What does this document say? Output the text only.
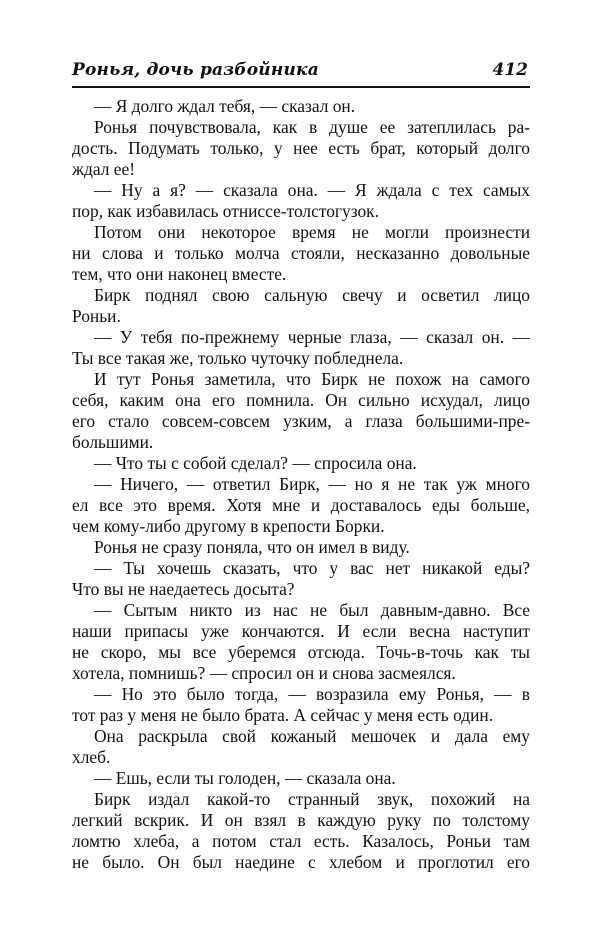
Ронья, дочь разбойника	412
— Я долго ждал тебя, — сказал он.
Ронья почувствовала, как в душе ее затеплилась ра-
дость. Подумать только, у нее есть брат, который долго
ждал ее!
— Ну а я? — сказала она. — Я ждала с тех самых
пор, как избавилась отниссе-толстогузок.
Потом они некоторое время не могли произнести
ни слова и только молча стояли, несказанно довольные
тем, что они наконец вместе.
Бирк поднял свою сальную свечу и осветил лицо
Роньи.
— У тебя по-прежнему черные глаза, — сказал он. —
Ты все такая же, только чуточку побледнела.
И тут Ронья заметила, что Бирк не похож на самого
себя, каким она его помнила. Он сильно исхудал, лицо
его стало совсем-совсем узким, а глаза большими-пре-
большими.
— Что ты с собой сделал? — спросила она.
— Ничего, — ответил Бирк, — но я не так уж много
ел все это время. Хотя мне и доставалось еды больше,
чем кому-либо другому в крепости Борки.
Ронья не сразу поняла, что он имел в виду.
— Ты хочешь сказать, что у вас нет никакой еды?
Что вы не наедаетесь досыта?
— Сытым никто из нас не был давным-давно. Все
наши припасы уже кончаются. И если весна наступит
не скоро, мы все уберемся отсюда. Точь-в-точь как ты
хотела, помнишь? — спросил он и снова засмеялся.
— Но это было тогда, — возразила ему Ронья, — в
тот раз у меня не было брата. А сейчас у меня есть один.
Она раскрыла свой кожаный мешочек и дала ему
хлеб.
— Ешь, если ты голоден, — сказала она.
Бирк издал какой-то странный звук, похожий на
легкий вскрик. И он взял в каждую руку по толстому
ломтю хлеба, а потом стал есть. Казалось, Роньи там
не было. Он был наедине с хлебом и проглотил его
